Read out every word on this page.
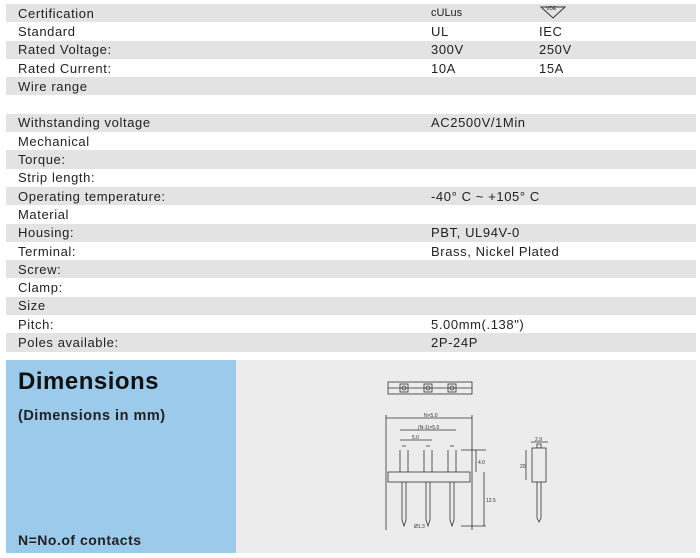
Certification	cULus	VDE
Standard	UL	IEC
Rated Voltage:	300V	250V
Rated Current:	10A	15A
Wire range
Withstanding voltage	AC2500V/1Min
Mechanical
Torque:
Strip length:
Operating temperature:	-40° C ~ +105° C
Material
Housing:	PBT, UL94V-0
Terminal:	Brass, Nickel Plated
Screw:
Clamp:
Size
Pitch:	5.00mm(.138")
Poles available:	2P-24P
Dimensions
(Dimensions in mm)
N=No.of contacts
N×5.0
(N-1)×5.0
5.0
4.0
12.5
Ø1.3
2.9
20
